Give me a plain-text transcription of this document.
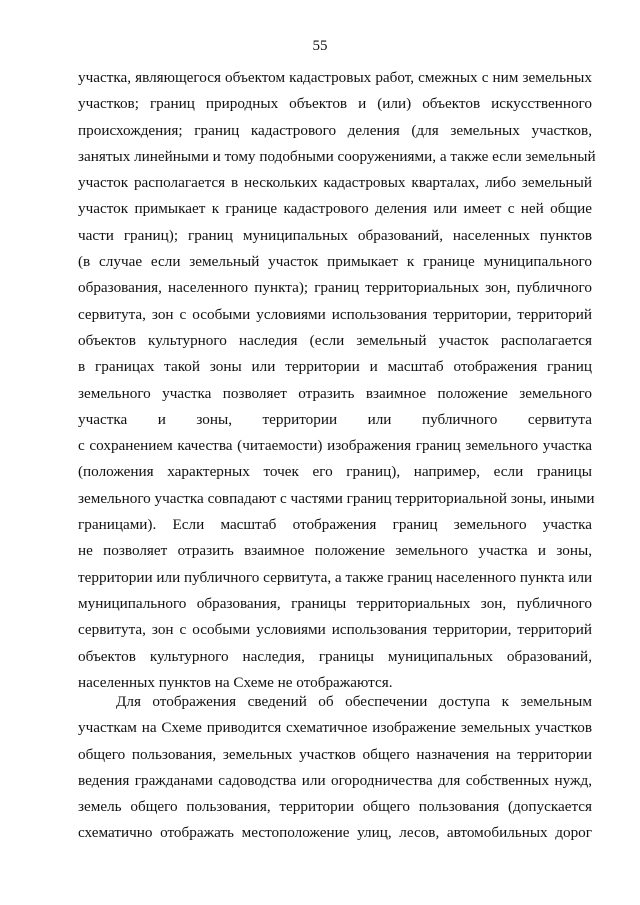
55
участка, являющегося объектом кадастровых работ, смежных с ним земельных
участков; границ природных объектов и (или) объектов искусственного
происхождения; границ кадастрового деления (для земельных участков,
занятых линейными и тому подобными сооружениями, а также если земельный
участок располагается в нескольких кадастровых кварталах, либо земельный
участок примыкает к границе кадастрового деления или имеет с ней общие
части границ); границ муниципальных образований, населенных пунктов
(в случае если земельный участок примыкает к границе муниципального
образования, населенного пункта); границ территориальных зон, публичного
сервитута, зон с особыми условиями использования территории, территорий
объектов культурного наследия (если земельный участок располагается
в границах такой зоны или территории и масштаб отображения границ
земельного участка позволяет отразить взаимное положение земельного
участка и зоны, территории или публичного сервитута
с сохранением качества (читаемости) изображения границ земельного участка
(положения характерных точек его границ), например, если границы
земельного участка совпадают с частями границ территориальной зоны, иными
границами). Если масштаб отображения границ земельного участка
не позволяет отразить взаимное положение земельного участка и зоны,
территории или публичного сервитута, а также границ населенного пункта или
муниципального образования, границы территориальных зон, публичного
сервитута, зон с особыми условиями использования территории, территорий
объектов культурного наследия, границы муниципальных образований,
населенных пунктов на Схеме не отображаются.
Для отображения сведений об обеспечении доступа к земельным
участкам на Схеме приводится схематичное изображение земельных участков
общего пользования, земельных участков общего назначения на территории
ведения гражданами садоводства или огородничества для собственных нужд,
земель общего пользования, территории общего пользования (допускается
схематично отображать местоположение улиц, лесов, автомобильных дорог
